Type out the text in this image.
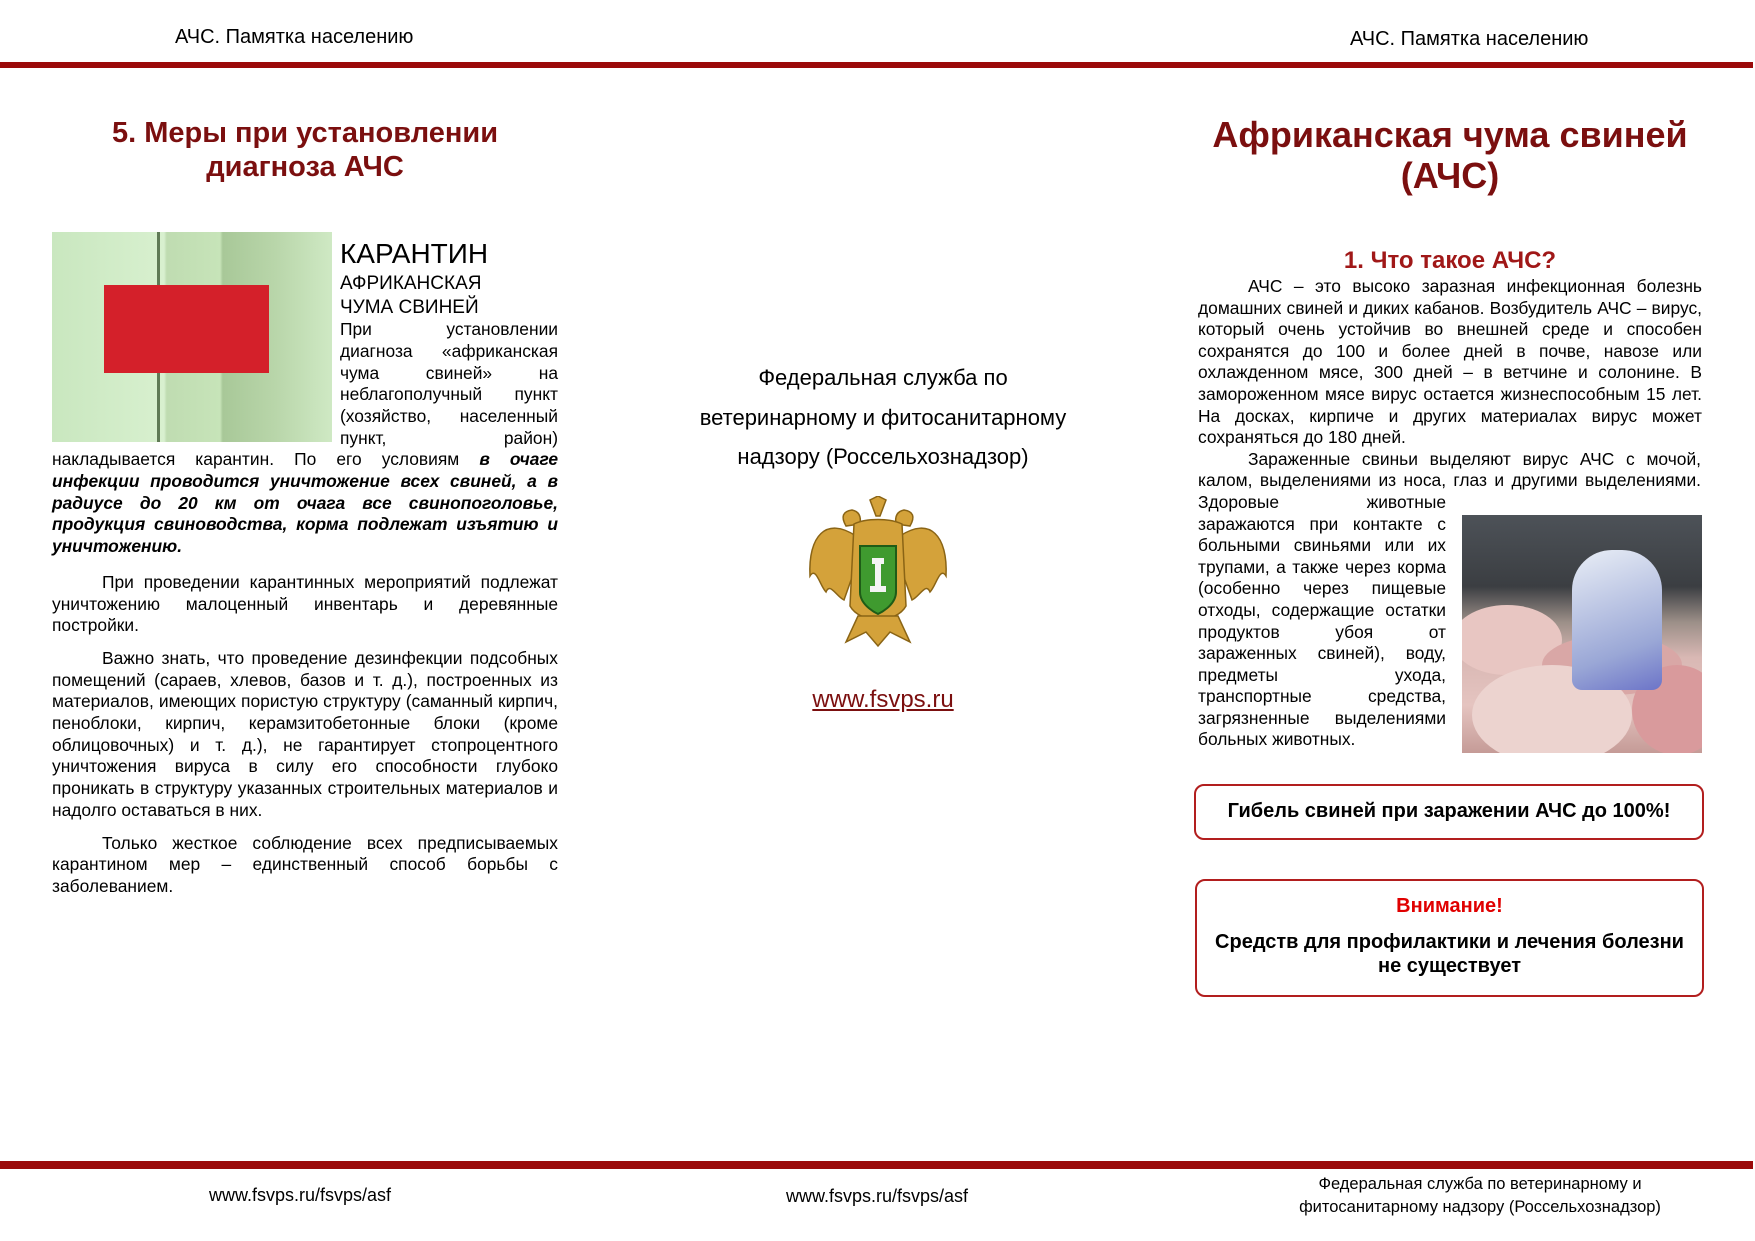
АЧС. Памятка населению	АЧС. Памятка населению
5. Меры при установлении диагноза АЧС

КАРАНТИН
АФРИКАНСКАЯ
ЧУМА СВИНЕЙ
При установлении диагноза «африканская чума свиней» на неблагополучный пункт (хозяйство, населенный пункт, район) накладывается карантин. По его условиям в очаге инфекции проводится уничтожение всех свиней, а в радиусе до 20 км от очага все свинопоголовье, продукция свиноводства, корма подлежат изъятию и уничтожению.

При проведении карантинных мероприятий подлежат уничтожению малоценный инвентарь и деревянные постройки.

Важно знать, что проведение дезинфекции подсобных помещений (сараев, хлевов, базов и т. д.), построенных из материалов, имеющих пористую структуру (саманный кирпич, пеноблоки, кирпич, керамзитобетонные блоки (кроме облицовочных) и т. д.), не гарантирует стопроцентного уничтожения вируса в силу его способности глубоко проникать в структуру указанных строительных материалов и надолго оставаться в них.

Только жесткое соблюдение всех предписываемых карантином мер – единственный способ борьбы с заболеванием.

Федеральная служба по
ветеринарному и фитосанитарному
надзору (Россельхознадзор)
www.fsvps.ru
Африканская чума свиней
(АЧС)
1. Что такое АЧС?

АЧС – это высоко заразная инфекционная болезнь домашних свиней и диких кабанов. Возбудитель АЧС – вирус, который очень устойчив во внешней среде и способен сохранятся до 100 и более дней в почве, навозе или охлажденном мясе, 300 дней – в ветчине и солонине. В замороженном мясе вирус остается жизнеспособным 15 лет. На досках, кирпиче и других материалах вирус может сохраняться до 180 дней.

Зараженные свиньи выделяют вирус АЧС с мочой, калом, выделениями из носа, глаз и другими выделениями. Здоровые животные заражаются при контакте с больными свиньями или их трупами, а также через корма (особенно через пищевые отходы, содержащие остатки продуктов убоя от зараженных свиней), воду, предметы ухода, транспортные средства, загрязненные выделениями больных животных.

Гибель свиней при заражении АЧС до 100%!
Внимание!
Средств для профилактики и лечения болезни не существует
www.fsvps.ru/fsvps/asf	www.fsvps.ru/fsvps/asf
Федеральная служба по ветеринарному и
фитосанитарному надзору (Россельхознадзор)
